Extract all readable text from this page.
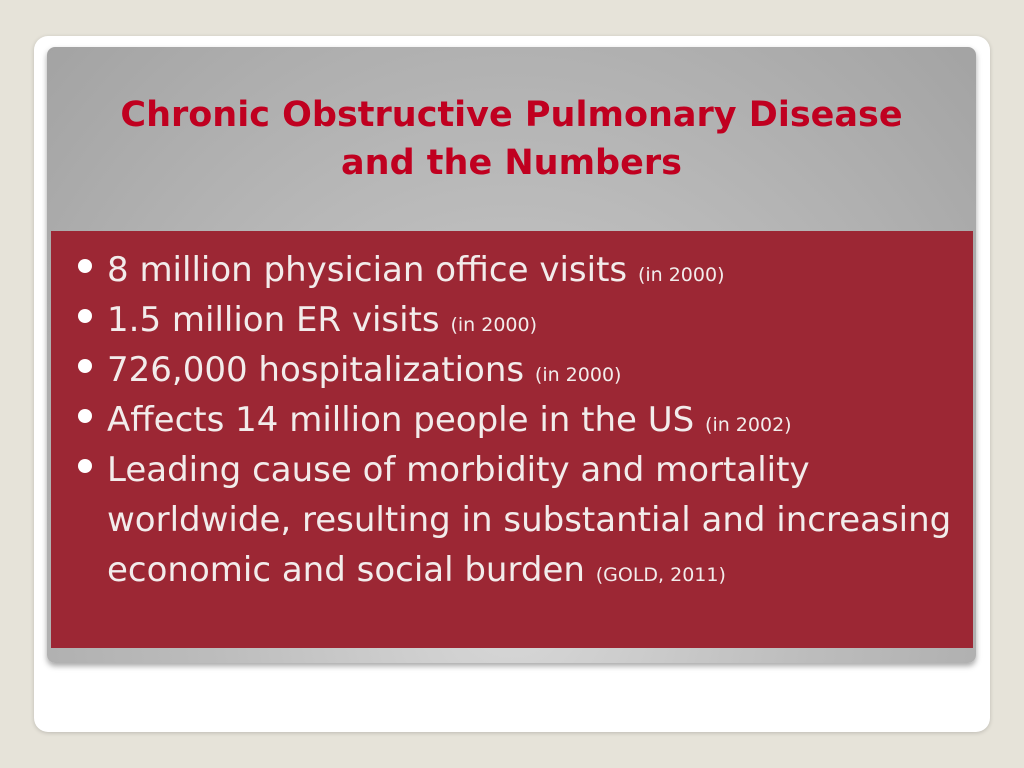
Chronic Obstructive Pulmonary Disease and the Numbers
8 million physician office visits (in 2000)
1.5 million ER visits (in 2000)
726,000 hospitalizations (in 2000)
Affects 14 million people in the US (in 2002)
Leading cause of morbidity and mortality worldwide, resulting in substantial and increasing economic and social burden (GOLD, 2011)
